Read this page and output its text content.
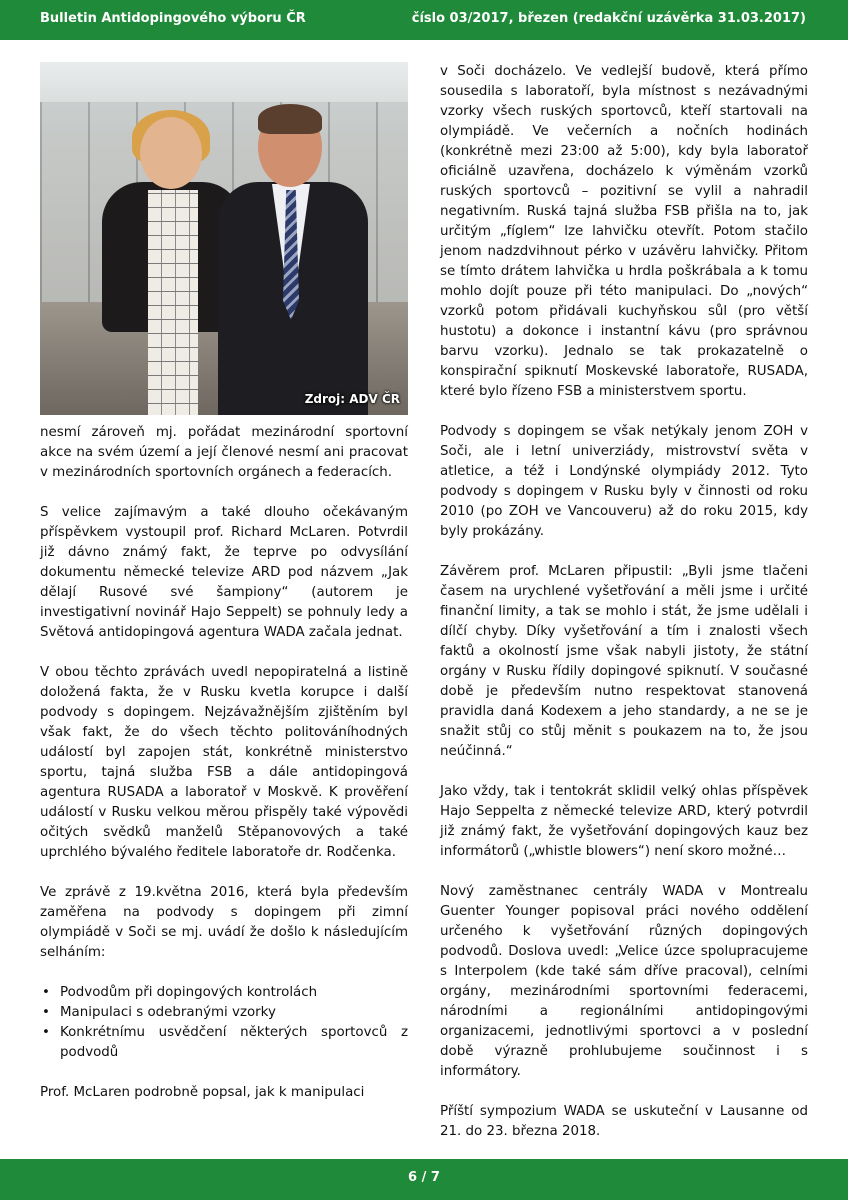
Bulletin Antidopingového výboru ČR	číslo 03/2017, březen (redakční uzávěrka 31.03.2017)
Zdroj: ADV ČR

nesmí zároveň mj. pořádat mezinárodní sportovní akce na svém území a její členové nesmí ani pracovat v mezinárodních sportovních orgánech a federacích.

S velice zajímavým a také dlouho očekávaným příspěvkem vystoupil prof. Richard McLaren. Potvrdil již dávno známý fakt, že teprve po odvysílání dokumentu německé televize ARD pod názvem „Jak dělají Rusové své šampiony“ (autorem je investigativní novinář Hajo Seppelt) se pohnuly ledy a Světová antidopingová agentura WADA začala jednat.

V obou těchto zprávách uvedl nepopiratelná a listině doložená fakta, že v Rusku kvetla korupce i další podvody s dopingem. Nejzávažnějším zjištěním byl však fakt, že do všech těchto politováníhodných událostí byl zapojen stát, konkrétně ministerstvo sportu, tajná služba FSB a dále antidopingová agentura RUSADA a laboratoř v Moskvě. K prověření událostí v Rusku velkou měrou přispěly také výpovědi očitých svědků manželů Stěpanovových a také uprchlého bývalého ředitele laboratoře dr. Rodčenka.

Ve zprávě z 19.května 2016, která byla především zaměřena na podvody s dopingem při zimní olympiádě v Soči se mj. uvádí že došlo k následujícím selháním:

• Podvodům při dopingových kontrolách
• Manipulaci s odebranými vzorky
• Konkrétnímu usvědčení některých sportovců z podvodů

Prof. McLaren podrobně popsal, jak k manipulaci

v Soči docházelo. Ve vedlejší budově, která přímo sousedila s laboratoří, byla místnost s nezávadnými vzorky všech ruských sportovců, kteří startovali na olympiádě. Ve večerních a nočních hodinách (konkrétně mezi 23:00 až 5:00), kdy byla laboratoř oficiálně uzavřena, docházelo k výměnám vzorků ruských sportovců – pozitivní se vylil a nahradil negativním. Ruská tajná služba FSB přišla na to, jak určitým „fíglem“ lze lahvičku otevřít. Potom stačilo jenom nadzdvihnout pérko v uzávěru lahvičky. Přitom se tímto drátem lahvička u hrdla poškrábala a k tomu mohlo dojít pouze při této manipulaci. Do „nových“ vzorků potom přidávali kuchyňskou sůl (pro větší hustotu) a dokonce i instantní kávu (pro správnou barvu vzorku). Jednalo se tak prokazatelně o konspirační spiknutí Moskevské laboratoře, RUSADA, které bylo řízeno FSB a ministerstvem sportu.

Podvody s dopingem se však netýkaly jenom ZOH v Soči, ale i letní univerziády, mistrovství světa v atletice, a též i Londýnské olympiády 2012. Tyto podvody s dopingem v Rusku byly v činnosti od roku 2010 (po ZOH ve Vancouveru) až do roku 2015, kdy byly prokázány.

Závěrem prof. McLaren připustil: „Byli jsme tlačeni časem na urychlené vyšetřování a měli jsme i určité finanční limity, a tak se mohlo i stát, že jsme udělali i dílčí chyby. Díky vyšetřování a tím i znalosti všech faktů a okolností jsme však nabyli jistoty, že státní orgány v Rusku řídily dopingové spiknutí. V současné době je především nutno respektovat stanovená pravidla daná Kodexem a jeho standardy, a ne se je snažit stůj co stůj měnit s poukazem na to, že jsou neúčinná.“

Jako vždy, tak i tentokrát sklidil velký ohlas příspěvek Hajo Seppelta z německé televize ARD, který potvrdil již známý fakt, že vyšetřování dopingových kauz bez informátorů („whistle blowers“) není skoro možné…

Nový zaměstnanec centrály WADA v Montrealu Guenter Younger popisoval práci nového oddělení určeného k vyšetřování různých dopingových podvodů. Doslova uvedl: „Velice úzce spolupracujeme s Interpolem (kde také sám dříve pracoval), celními orgány, mezinárodními sportovními federacemi, národními a regionálními antidopingovými organizacemi, jednotlivými sportovci a v poslední době výrazně prohlubujeme součinnost i s informátory.

Příští sympozium WADA se uskuteční v Lausanne od 21. do 23. března 2018.

6 / 7
